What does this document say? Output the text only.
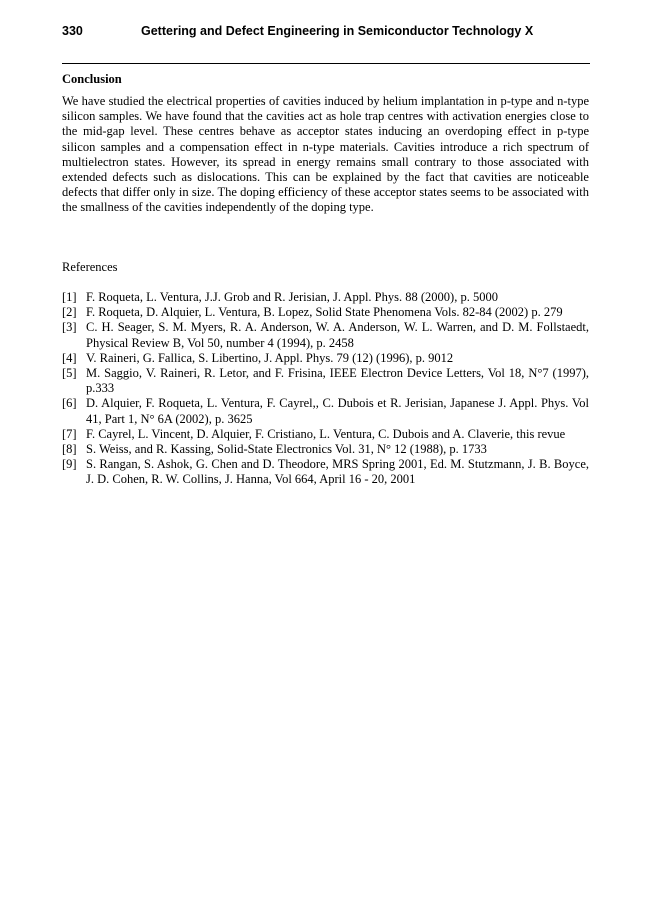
330	Gettering and Defect Engineering in Semiconductor Technology X
Conclusion

We have studied the electrical properties of cavities induced by helium implantation in p-type and n-type silicon samples. We have found that the cavities act as hole trap centres with activation energies close to the mid-gap level. These centres behave as acceptor states inducing an overdoping effect in p-type silicon samples and a compensation effect in n-type materials. Cavities introduce a rich spectrum of multielectron states. However, its spread in energy remains small contrary to those associated with extended defects such as dislocations. This can be explained by the fact that cavities are noticeable defects that differ only in size. The doping efficiency of these acceptor states seems to be associated with the smallness of the cavities independently of the doping type.

References
[1] F. Roqueta, L. Ventura, J.J. Grob and R. Jerisian, J. Appl. Phys. 88 (2000), p. 5000
[2] F. Roqueta, D. Alquier, L. Ventura, B. Lopez, Solid State Phenomena Vols. 82-84 (2002) p. 279
[3] C. H. Seager, S. M. Myers, R. A. Anderson, W. A. Anderson, W. L. Warren, and D. M. Follstaedt, Physical Review B, Vol 50, number 4 (1994), p. 2458
[4] V. Raineri, G. Fallica, S. Libertino, J. Appl. Phys. 79 (12) (1996), p. 9012
[5] M. Saggio, V. Raineri, R. Letor, and F. Frisina, IEEE Electron Device Letters, Vol 18, N°7 (1997), p.333
[6] D. Alquier, F. Roqueta, L. Ventura, F. Cayrel,, C. Dubois et R. Jerisian, Japanese J. Appl. Phys. Vol 41, Part 1, N° 6A (2002), p. 3625
[7] F. Cayrel, L. Vincent, D. Alquier, F. Cristiano, L. Ventura, C. Dubois and A. Claverie, this revue
[8] S. Weiss, and R. Kassing, Solid-State Electronics Vol. 31, N° 12 (1988), p. 1733
[9] S. Rangan, S. Ashok, G. Chen and D. Theodore, MRS Spring 2001, Ed. M. Stutzmann, J. B. Boyce, J. D. Cohen, R. W. Collins, J. Hanna, Vol 664, April 16 - 20, 2001
